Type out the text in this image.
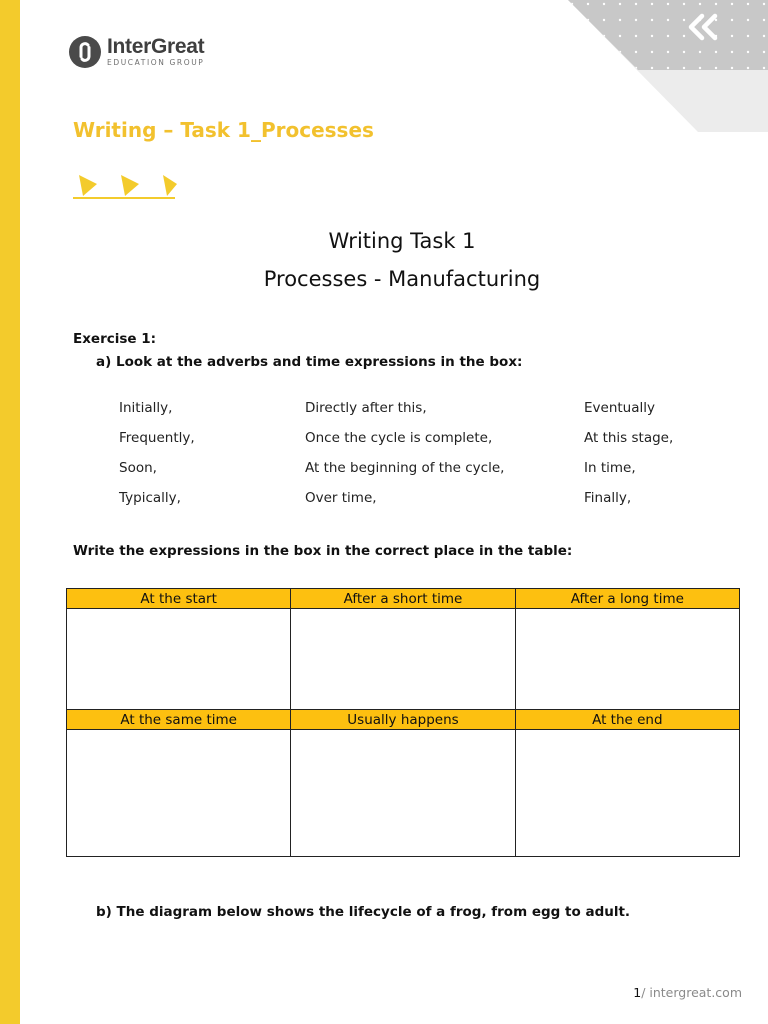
InterGreat
EDUCATION GROUP
Writing – Task 1_Processes
Writing Task 1
Processes - Manufacturing
Exercise 1:
a) Look at the adverbs and time expressions in the box:
Initially,	Directly after this,	Eventually
Frequently,	Once the cycle is complete,	At this stage,
Soon,	At the beginning of the cycle,	In time,
Typically,	Over time,	Finally,
Write the expressions in the box in the correct place in the table:
At the start	After a short time	After a long time

At the same time	Usually happens	At the end

b) The diagram below shows the lifecycle of a frog, from egg to adult.
1/ intergreat.com
